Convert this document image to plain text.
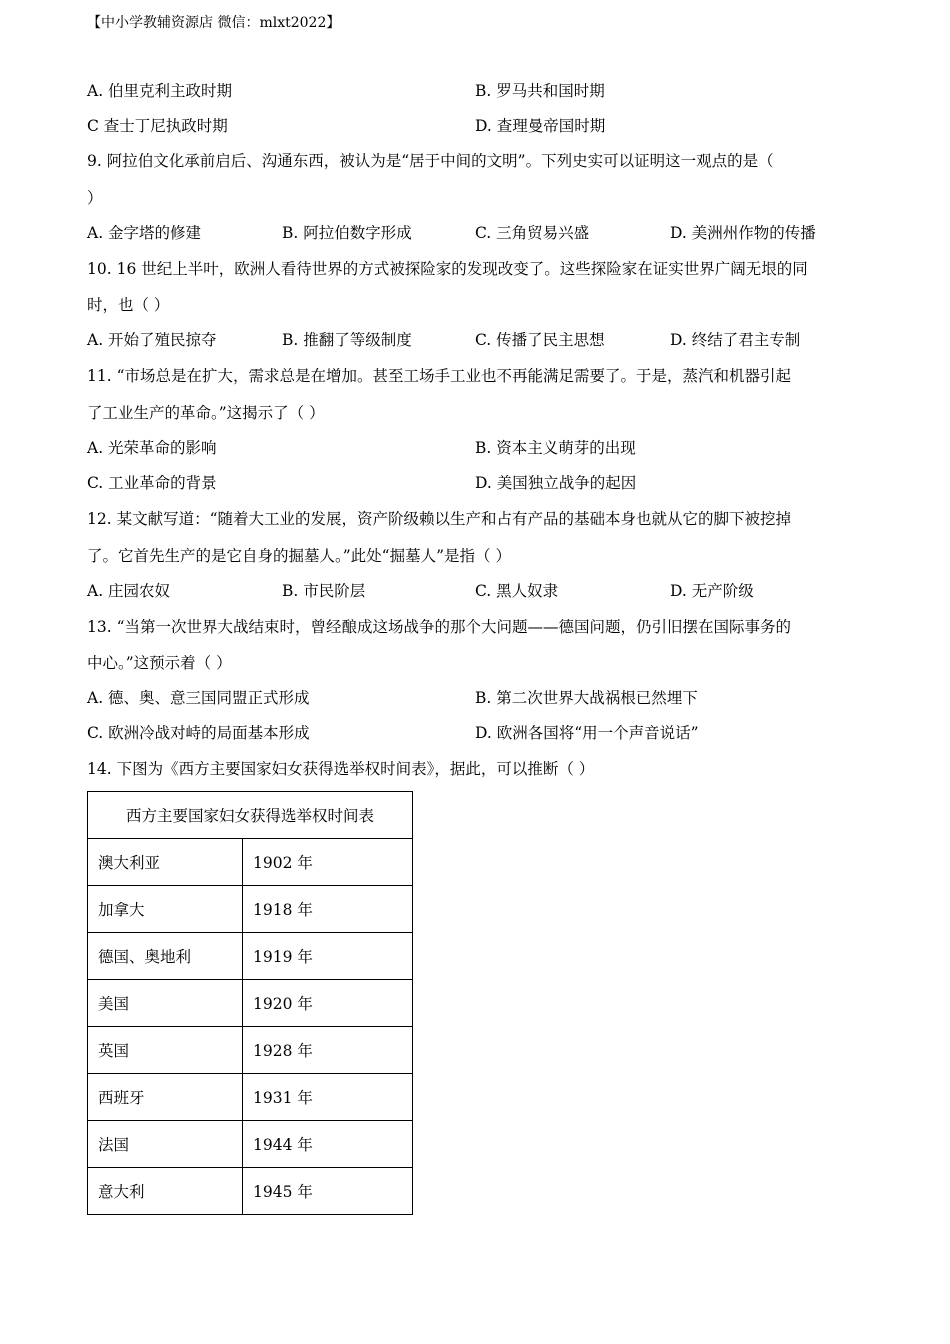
【中小学教辅资源店 微信：mlxt2022】
A. 伯里克利主政时期	B. 罗马共和国时期
C 查士丁尼执政时期	D. 查理曼帝国时期
9. 阿拉伯文化承前启后、沟通东西，被认为是“居于中间的文明”。下列史实可以证明这一观点的是（
）
A. 金字塔的修建	B. 阿拉伯数字形成	C. 三角贸易兴盛	D. 美洲州作物的传播
10. 16 世纪上半叶，欧洲人看待世界的方式被探险家的发现改变了。这些探险家在证实世界广阔无垠的同
时，也（ ）
A. 开始了殖民掠夺	B. 推翻了等级制度	C. 传播了民主思想	D. 终结了君主专制
11. “市场总是在扩大，需求总是在增加。甚至工场手工业也不再能满足需要了。于是，蒸汽和机器引起
了工业生产的革命。”这揭示了（ ）
A. 光荣革命的影响	B. 资本主义萌芽的出现
C. 工业革命的背景	D. 美国独立战争的起因
12. 某文献写道：“随着大工业的发展，资产阶级赖以生产和占有产品的基础本身也就从它的脚下被挖掉
了。它首先生产的是它自身的掘墓人。”此处“掘墓人”是指（ ）
A. 庄园农奴	B. 市民阶层	C. 黑人奴隶	D. 无产阶级
13. “当第一次世界大战结束时，曾经酿成这场战争的那个大问题——德国问题，仍引旧摆在国际事务的
中心。”这预示着（ ）
A. 德、奥、意三国同盟正式形成	B. 第二次世界大战祸根已然埋下
C. 欧洲冷战对峙的局面基本形成	D. 欧洲各国将“用一个声音说话”
14. 下图为《西方主要国家妇女获得选举权时间表》，据此，可以推断（ ）
西方主要国家妇女获得选举权时间表	
澳大利亚	1902 年
加拿大	1918 年
德国、奥地利	1919 年
美国	1920 年
英国	1928 年
西班牙	1931 年
法国	1944 年
意大利	1945 年
